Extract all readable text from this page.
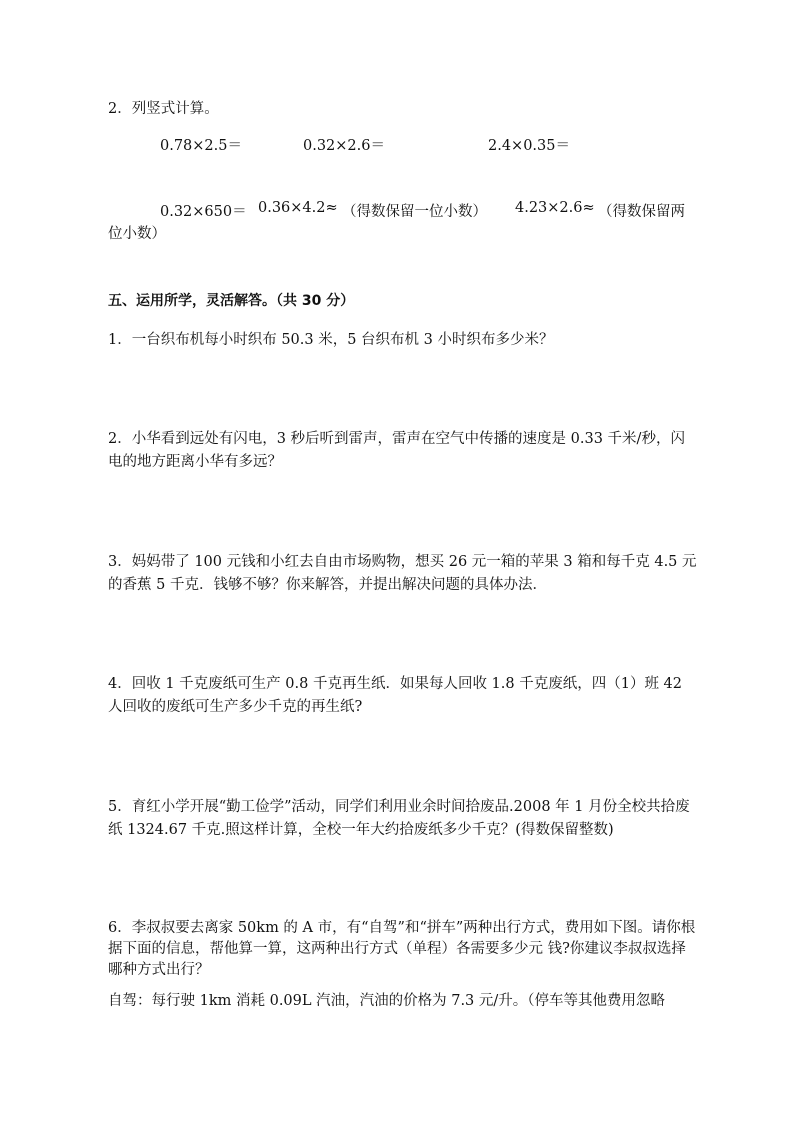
2．列竖式计算。
0.78×2.5＝	0.32×2.6＝	2.4×0.35＝
0.32×650＝ 0.36×4.2≈ （得数保留一位小数） 4.23×2.6≈ （得数保留两
位小数）
五、运用所学，灵活解答。（共 30 分）
1．一台织布机每小时织布 50.3 米，5 台织布机 3 小时织布多少米？
2．小华看到远处有闪电，3 秒后听到雷声，雷声在空气中传播的速度是 0.33 千米/秒，闪电的地方距离小华有多远？
3．妈妈带了 100 元钱和小红去自由市场购物，想买 26 元一箱的苹果 3 箱和每千克 4.5 元的香蕉 5 千克．钱够不够？你来解答，并提出解决问题的具体办法．
4．回收 1 千克废纸可生产 0.8 千克再生纸．如果每人回收 1.8 千克废纸，四（1）班 42 人回收的废纸可生产多少千克的再生纸?
5．育红小学开展“勤工俭学”活动，同学们利用业余时间拾废品.2008 年 1 月份全校共拾废纸 1324.67 千克.照这样计算，全校一年大约拾废纸多少千克？(得数保留整数)
6．李叔叔要去离家 50km 的 A 市，有“自驾”和“拼车”两种出行方式，费用如下图。请你根据下面的信息，帮他算一算，这两种出行方式（单程）各需要多少元 钱?你建议李叔叔选择哪种方式出行？
自驾：每行驶 1km 消耗 0.09L 汽油，汽油的价格为 7.3 元/升。（停车等其他费用忽略
